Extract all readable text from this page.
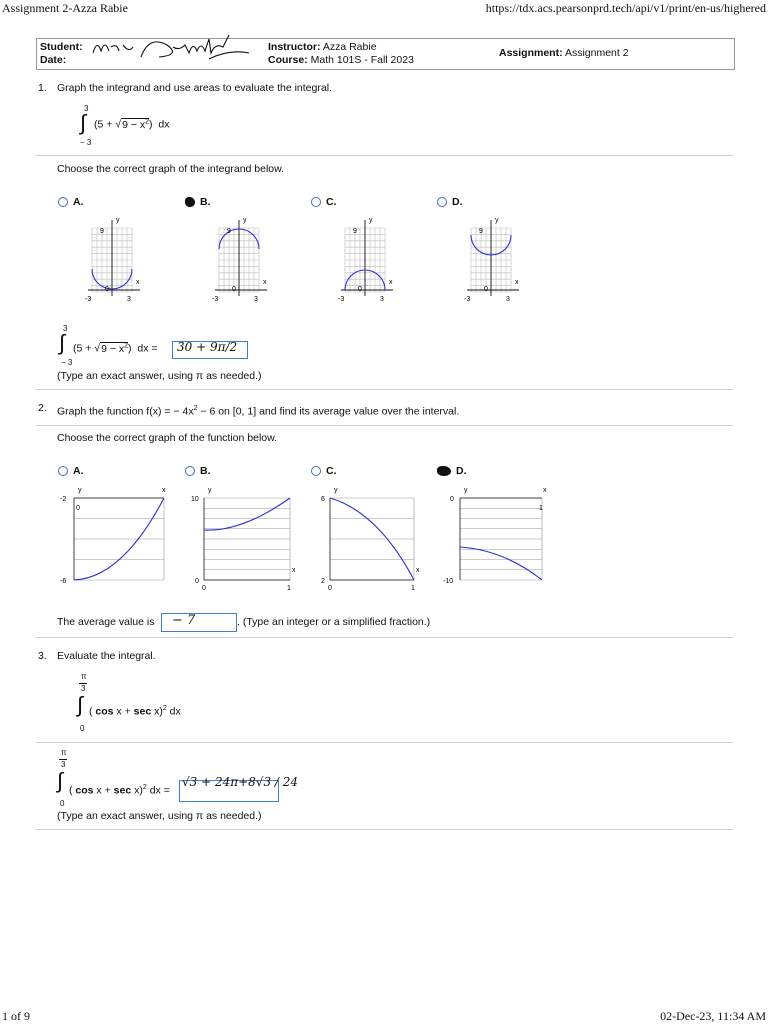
Assignment 2-Azza Rabie	https://tdx.acs.pearsonprd.tech/api/v1/print/en-us/highered
Student:
Date:
Instructor: Azza Rabie
Course: Math 101S - Fall 2023
Assignment: Assignment 2
1. Graph the integrand and use areas to evaluate the integral.
3
∫
− 3
$(5 + √9 - x^2)$  dx
Choose the correct graph of the integrand below.
A.	B.	C.	D.
-3	3
y
x
9
0
-3	3
y
x
9
0
-3	3
y
x
9
0
-3	3
y
x
9
0
3
∫
− 3
$(5 + √9 - x^2)$  dx = 30 + 9π/2
(Type an exact answer, using π as needed.)
2. Graph the function f(x) = − $4x^2 - 6$ on [0, 1] and find its average value over the interval.
Choose the correct graph of the function below.
A.	B.	C.	D.
-2
-6
0
y	x
10
0
0	1
y
x
6
2
0	1
y
x
0
-10
1
y	x
The average value is − 7	. (Type an integer or a simplified fraction.)
3. Evaluate the integral.
π
3
∫
0
( cos x + sec x)$^2$ dx
π
3
∫
0
( cos x + sec x)$^2$ dx =
√3 + 24π+8√3 / 24
(Type an exact answer, using π as needed.)
1 of 9	02-Dec-23, 11:34 AM
